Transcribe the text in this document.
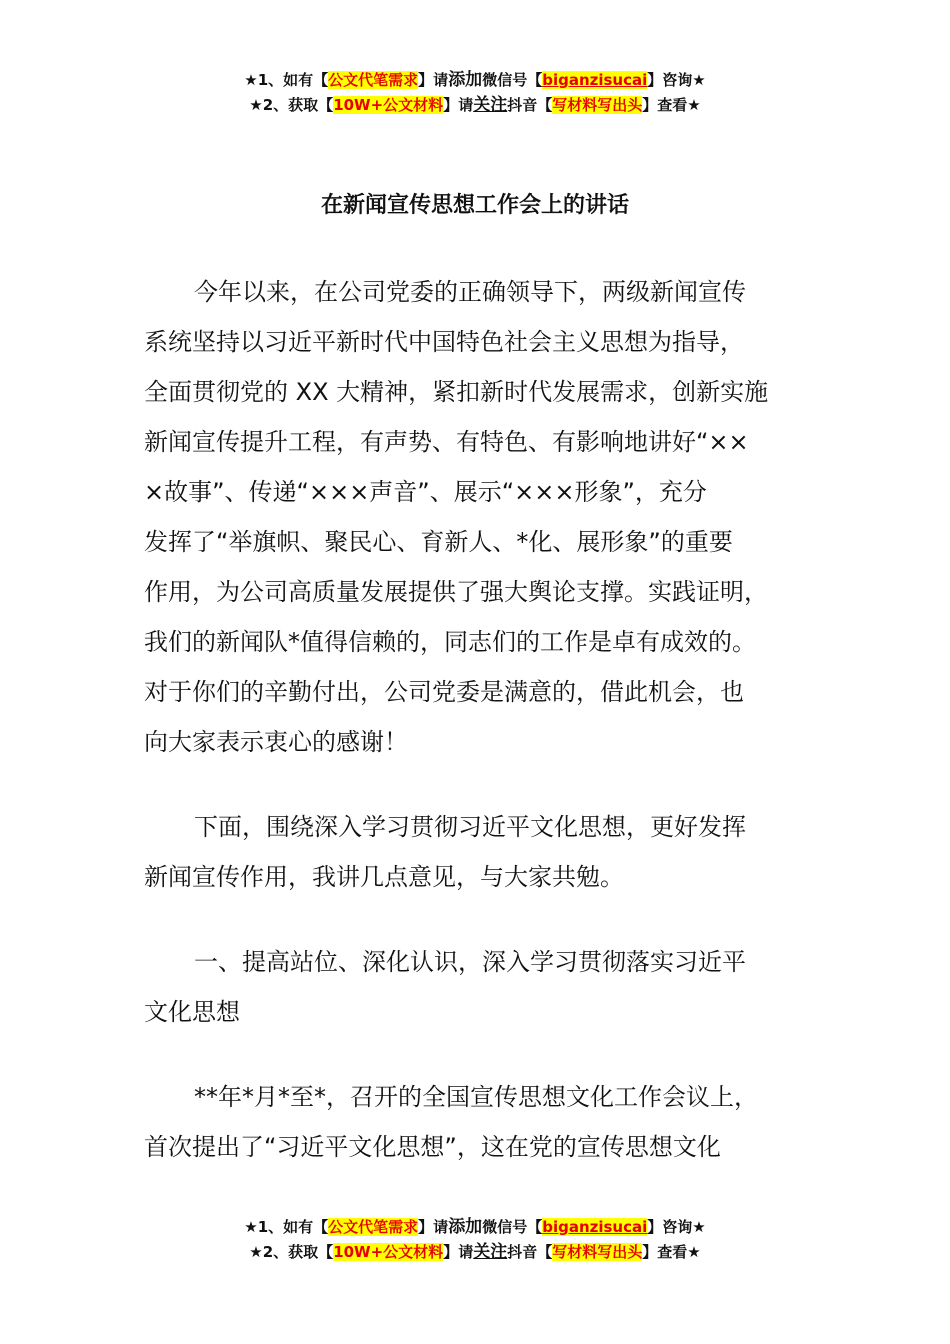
★1、如有【公文代笔需求】请添加微信号【biganzisucai】咨询★
★2、获取【10W+公文材料】请关注抖音【写材料写出头】查看★
在新闻宣传思想工作会上的讲话

今年以来，在公司党委的正确领导下，两级新闻宣传
系统坚持以习近平新时代中国特色社会主义思想为指导，
全面贯彻党的 XX 大精神，紧扣新时代发展需求，创新实施
新闻宣传提升工程，有声势、有特色、有影响地讲好“××
×故事”、传递“×××声音”、展示“×××形象”，充分
发挥了“举旗帜、聚民心、育新人、*化、展形象”的重要
作用，为公司高质量发展提供了强大舆论支撑。实践证明，
我们的新闻队*值得信赖的，同志们的工作是卓有成效的。
对于你们的辛勤付出，公司党委是满意的，借此机会，也
向大家表示衷心的感谢！

下面，围绕深入学习贯彻习近平文化思想，更好发挥
新闻宣传作用，我讲几点意见，与大家共勉。

一、提高站位、深化认识，深入学习贯彻落实习近平
文化思想

**年*月*至*，召开的全国宣传思想文化工作会议上，
首次提出了“习近平文化思想”，这在党的宣传思想文化

★1、如有【公文代笔需求】请添加微信号【biganzisucai】咨询★
★2、获取【10W+公文材料】请关注抖音【写材料写出头】查看★
